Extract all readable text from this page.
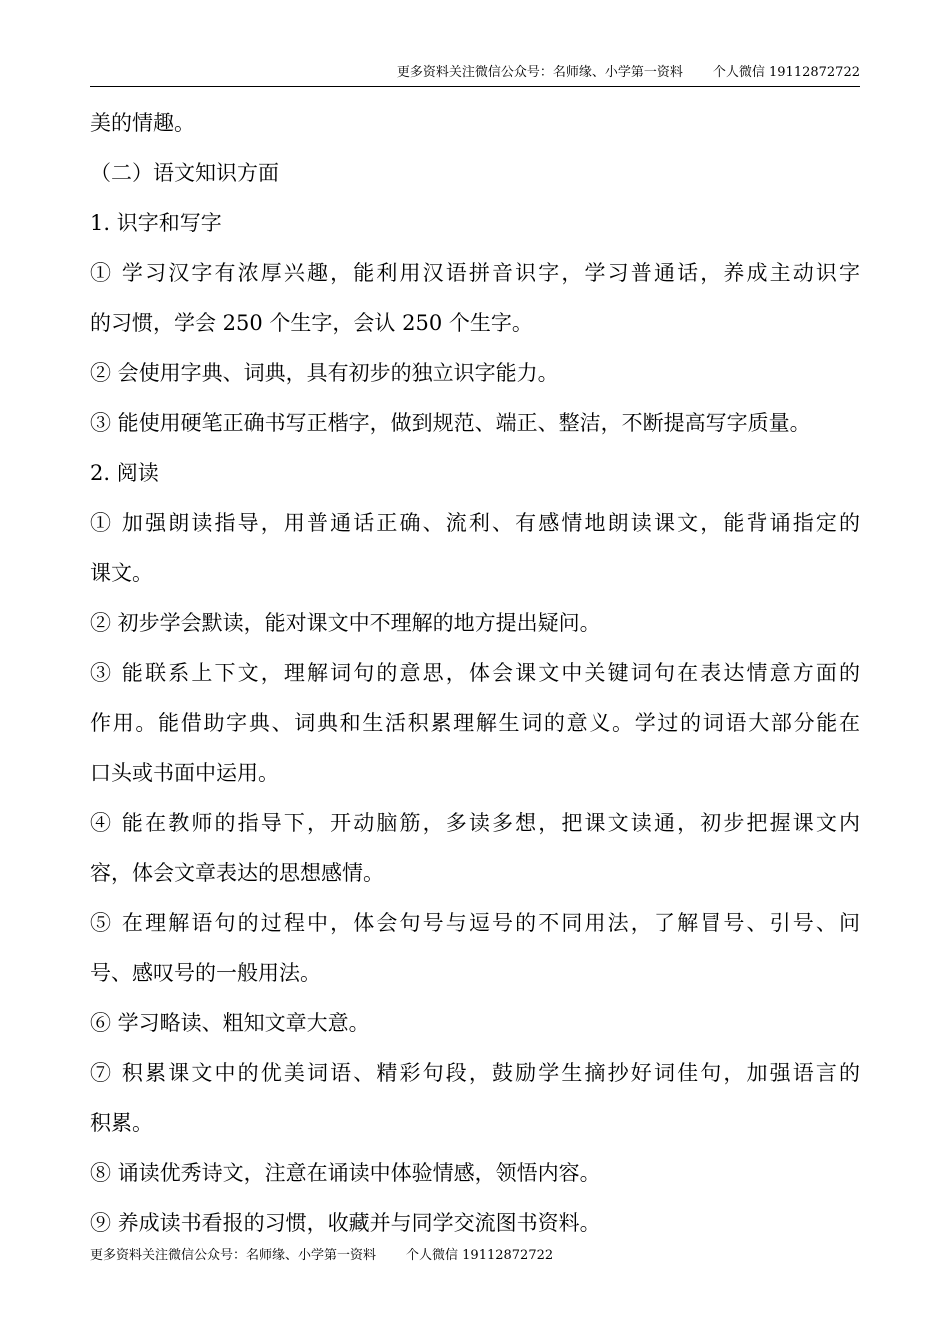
更多资料关注微信公众号：名师缘、小学第一资料 个人微信 19112872722
美的情趣。
（二）语文知识方面
1. 识字和写字
① 学习汉字有浓厚兴趣，能利用汉语拼音识字，学习普通话，养成主动识字
的习惯，学会 250 个生字，会认 250 个生字。
② 会使用字典、词典，具有初步的独立识字能力。
③ 能使用硬笔正确书写正楷字，做到规范、端正、整洁，不断提高写字质量。
2. 阅读
① 加强朗读指导，用普通话正确、流利、有感情地朗读课文，能背诵指定的
课文。
② 初步学会默读，能对课文中不理解的地方提出疑问。
③ 能联系上下文，理解词句的意思，体会课文中关键词句在表达情意方面的
作用。能借助字典、词典和生活积累理解生词的意义。学过的词语大部分能在
口头或书面中运用。
④ 能在教师的指导下，开动脑筋，多读多想，把课文读通，初步把握课文内
容，体会文章表达的思想感情。
⑤ 在理解语句的过程中，体会句号与逗号的不同用法，了解冒号、引号、问
号、感叹号的一般用法。
⑥ 学习略读、粗知文章大意。
⑦ 积累课文中的优美词语、精彩句段，鼓励学生摘抄好词佳句，加强语言的
积累。
⑧ 诵读优秀诗文，注意在诵读中体验情感，领悟内容。
⑨ 养成读书看报的习惯，收藏并与同学交流图书资料。
更多资料关注微信公众号：名师缘、小学第一资料 个人微信 19112872722
